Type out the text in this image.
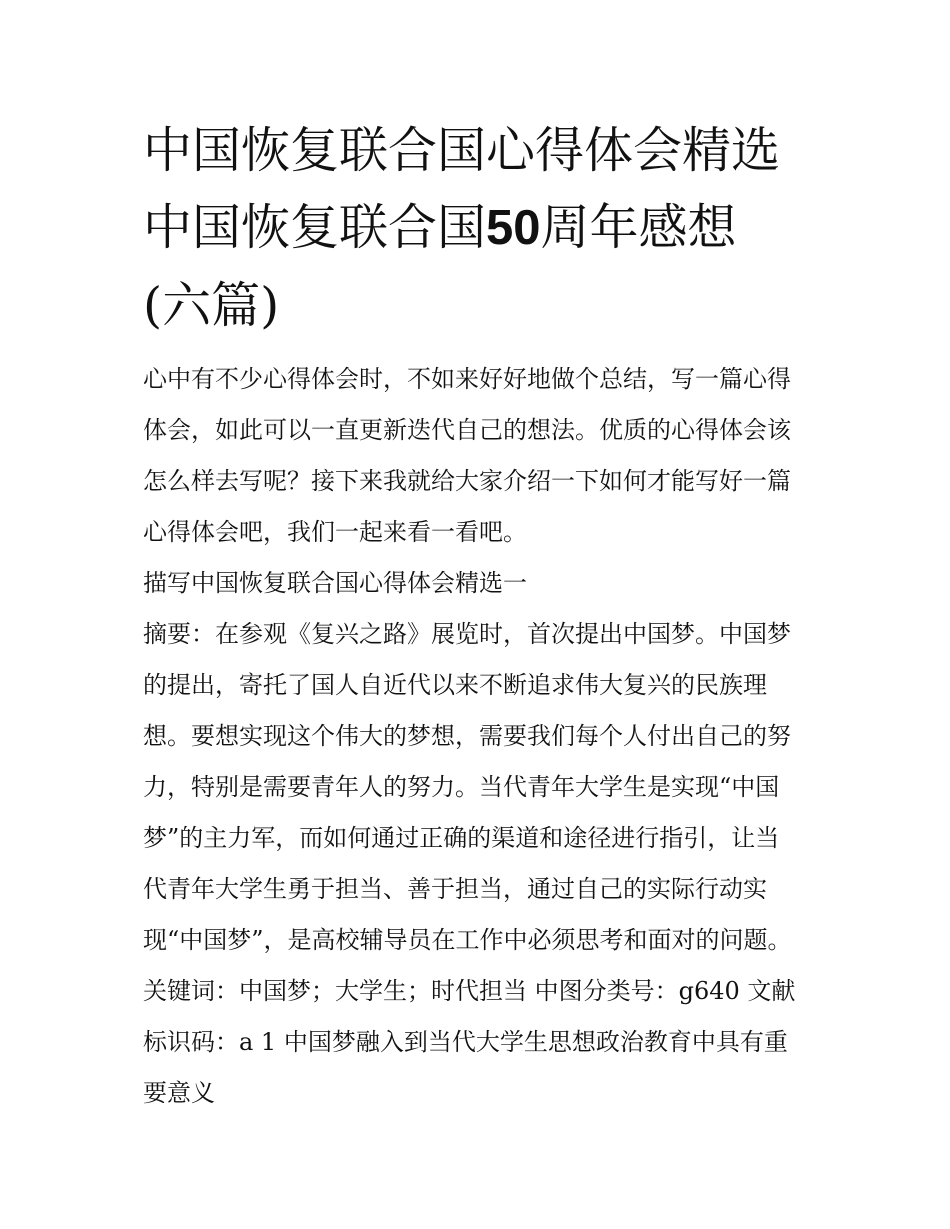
中国恢复联合国心得体会精选
中国恢复联合国50周年感想
(六篇)

心中有不少心得体会时，不如来好好地做个总结，写一篇心得

体会，如此可以一直更新迭代自己的想法。优质的心得体会该

怎么样去写呢？接下来我就给大家介绍一下如何才能写好一篇

心得体会吧，我们一起来看一看吧。

描写中国恢复联合国心得体会精选一

摘要：在参观《复兴之路》展览时，首次提出中国梦。中国梦

的提出，寄托了国人自近代以来不断追求伟大复兴的民族理

想。要想实现这个伟大的梦想，需要我们每个人付出自己的努

力，特别是需要青年人的努力。当代青年大学生是实现“中国

梦”的主力军，而如何通过正确的渠道和途径进行指引，让当

代青年大学生勇于担当、善于担当，通过自己的实际行动实

现“中国梦”，是高校辅导员在工作中必须思考和面对的问题。

关键词：中国梦；大学生；时代担当 中图分类号：g640 文献

标识码：a 1 中国梦融入到当代大学生思想政治教育中具有重

要意义
